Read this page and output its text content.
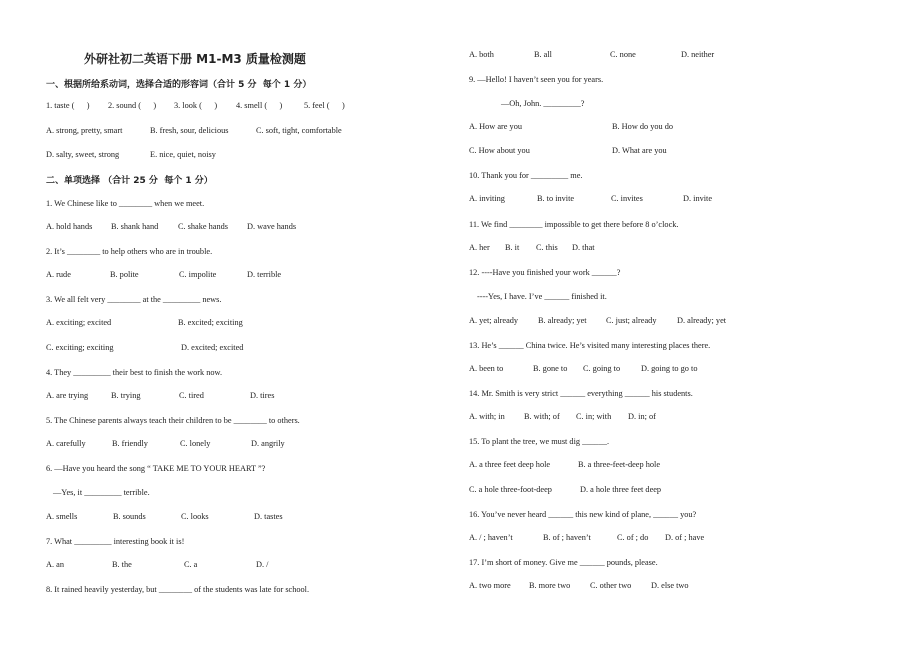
外研社初二英语下册 M1-M3 质量检测题
一、根据所给系动词，选择合适的形容词（合计 5 分  每个 1 分）
1. taste (      ) 2. sound (      ) 3. look (      ) 4. smell (      )	5. feel (      )
A. strong, pretty, smart	B. fresh, sour, delicious	C. soft, tight, comfortable
D. salty, sweet, strong	E. nice, quiet, noisy
二、单项选择 （合计 25 分  每个 1 分）
1. We Chinese like to ________ when we meet.
A. hold hands B. shank hand C. shake hands D. wave hands
2. It’s ________ to help others who are in trouble.
A. rude	B. polite	C. impolite	D. terrible
3. We all felt very ________ at the _________ news.
A. exciting; excited	B. excited; exciting
C. exciting; exciting	D. excited; excited
4. They _________ their best to finish the work now.
A. are trying	B. trying	C. tired	D. tires
5. The Chinese parents always teach their children to be ________ to others.
A. carefully	B. friendly	C. lonely	D. angrily
6. —Have you heard the song “ TAKE ME TO YOUR HEART ”?
—Yes, it _________ terrible.
A. smells	B. sounds	C. looks	D. tastes
7. What _________ interesting book it is!
A. an	B. the	C. a	D. /
8. It rained heavily yesterday, but ________ of the students was late for school.
A. both	B. all	C. none	D. neither
9. —Hello! I haven’t seen you for years.
—Oh, John. _________?
A. How are you	B. How do you do
C. How about you	D. What are you
10. Thank you for _________ me.
A. inviting	B. to invite	C. invites	D. invite
11. We find ________ impossible to get there before 8 o’clock.
A. her B. it C. this D. that
12. ----Have you finished your work ______?
----Yes, I have. I’ve ______ finished it.
A. yet; already B. already; yet C. just; already D. already; yet
13. He’s ______ China twice. He’s visited many interesting places there.
A. been to	B. gone to C. going to	D. going to go to
14. Mr. Smith is very strict ______ everything ______ his students.
A. with; in B. with; of C. in; with D. in; of
15. To plant the tree, we must dig ______.
A. a three feet deep hole	B. a three-feet-deep hole
C. a hole three-foot-deep	D. a hole three feet deep
16. You’ve never heard ______ this new kind of plane, ______ you?
A. / ; haven’t	B. of ; haven’t	C. of ; do D. of ; have
17. I’m short of money. Give me ______ pounds, please.
A. two more B. more two C. other two D. else two
